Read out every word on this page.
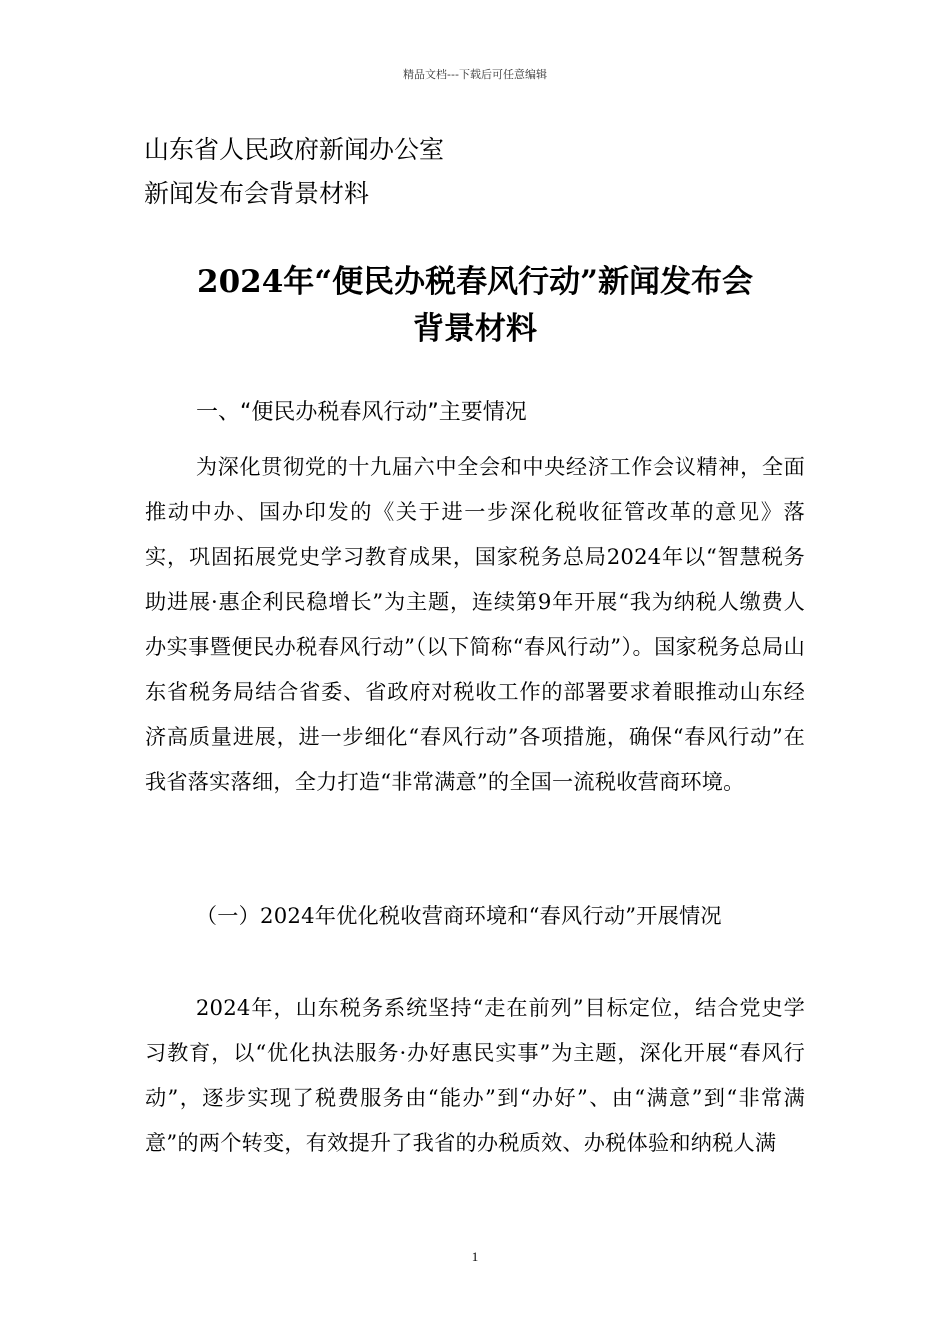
精品文档---下载后可任意编辑
山东省人民政府新闻办公室
新闻发布会背景材料
2024年“便民办税春风行动”新闻发布会
背景材料
一、“便民办税春风行动”主要情况

为深化贯彻党的十九届六中全会和中央经济工作会议精神，全面推动中办、国办印发的《关于进一步深化税收征管改革的意见》落实，巩固拓展党史学习教育成果，国家税务总局2024年以“智慧税务助进展·惠企利民稳增长”为主题，连续第9年开展“我为纳税人缴费人办实事暨便民办税春风行动”（以下简称“春风行动”）。国家税务总局山东省税务局结合省委、省政府对税收工作的部署要求着眼推动山东经济高质量进展，进一步细化“春风行动”各项措施，确保“春风行动”在我省落实落细，全力打造“非常满意”的全国一流税收营商环境。

（一）2024年优化税收营商环境和“春风行动”开展情况

2024年，山东税务系统坚持“走在前列”目标定位，结合党史学习教育，以“优化执法服务·办好惠民实事”为主题，深化开展“春风行动”，逐步实现了税费服务由“能办”到“办好”、由“满意”到“非常满意”的两个转变，有效提升了我省的办税质效、办税体验和纳税人满

1
